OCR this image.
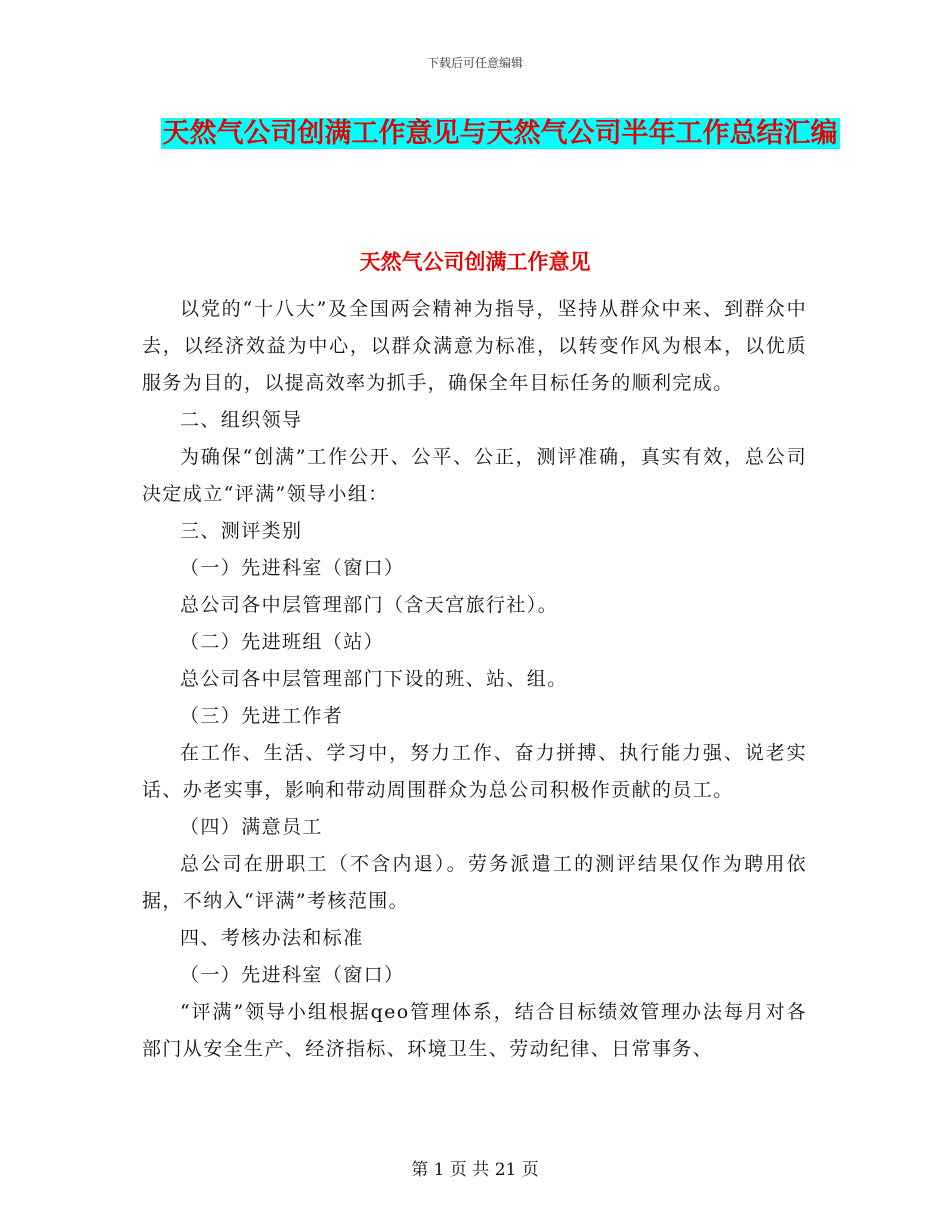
下载后可任意编辑
天然气公司创满工作意见与天然气公司半年工作总结汇编
天然气公司创满工作意见

以党的“十八大”及全国两会精神为指导，坚持从群众中来、到群众中去，以经济效益为中心，以群众满意为标准，以转变作风为根本，以优质服务为目的，以提高效率为抓手，确保全年目标任务的顺利完成。

二、组织领导

为确保“创满”工作公开、公平、公正，测评准确，真实有效，总公司决定成立“评满”领导小组：

三、测评类别

（一）先进科室（窗口）

总公司各中层管理部门（含天宫旅行社）。

（二）先进班组（站）

总公司各中层管理部门下设的班、站、组。

（三）先进工作者

在工作、生活、学习中，努力工作、奋力拼搏、执行能力强、说老实话、办老实事，影响和带动周围群众为总公司积极作贡献的员工。

（四）满意员工

总公司在册职工（不含内退）。劳务派遣工的测评结果仅作为聘用依据，不纳入“评满”考核范围。

四、考核办法和标准

（一）先进科室（窗口）

“评满”领导小组根据qeo管理体系，结合目标绩效管理办法每月对各部门从安全生产、经济指标、环境卫生、劳动纪律、日常事务、

第 1 页 共 21 页
